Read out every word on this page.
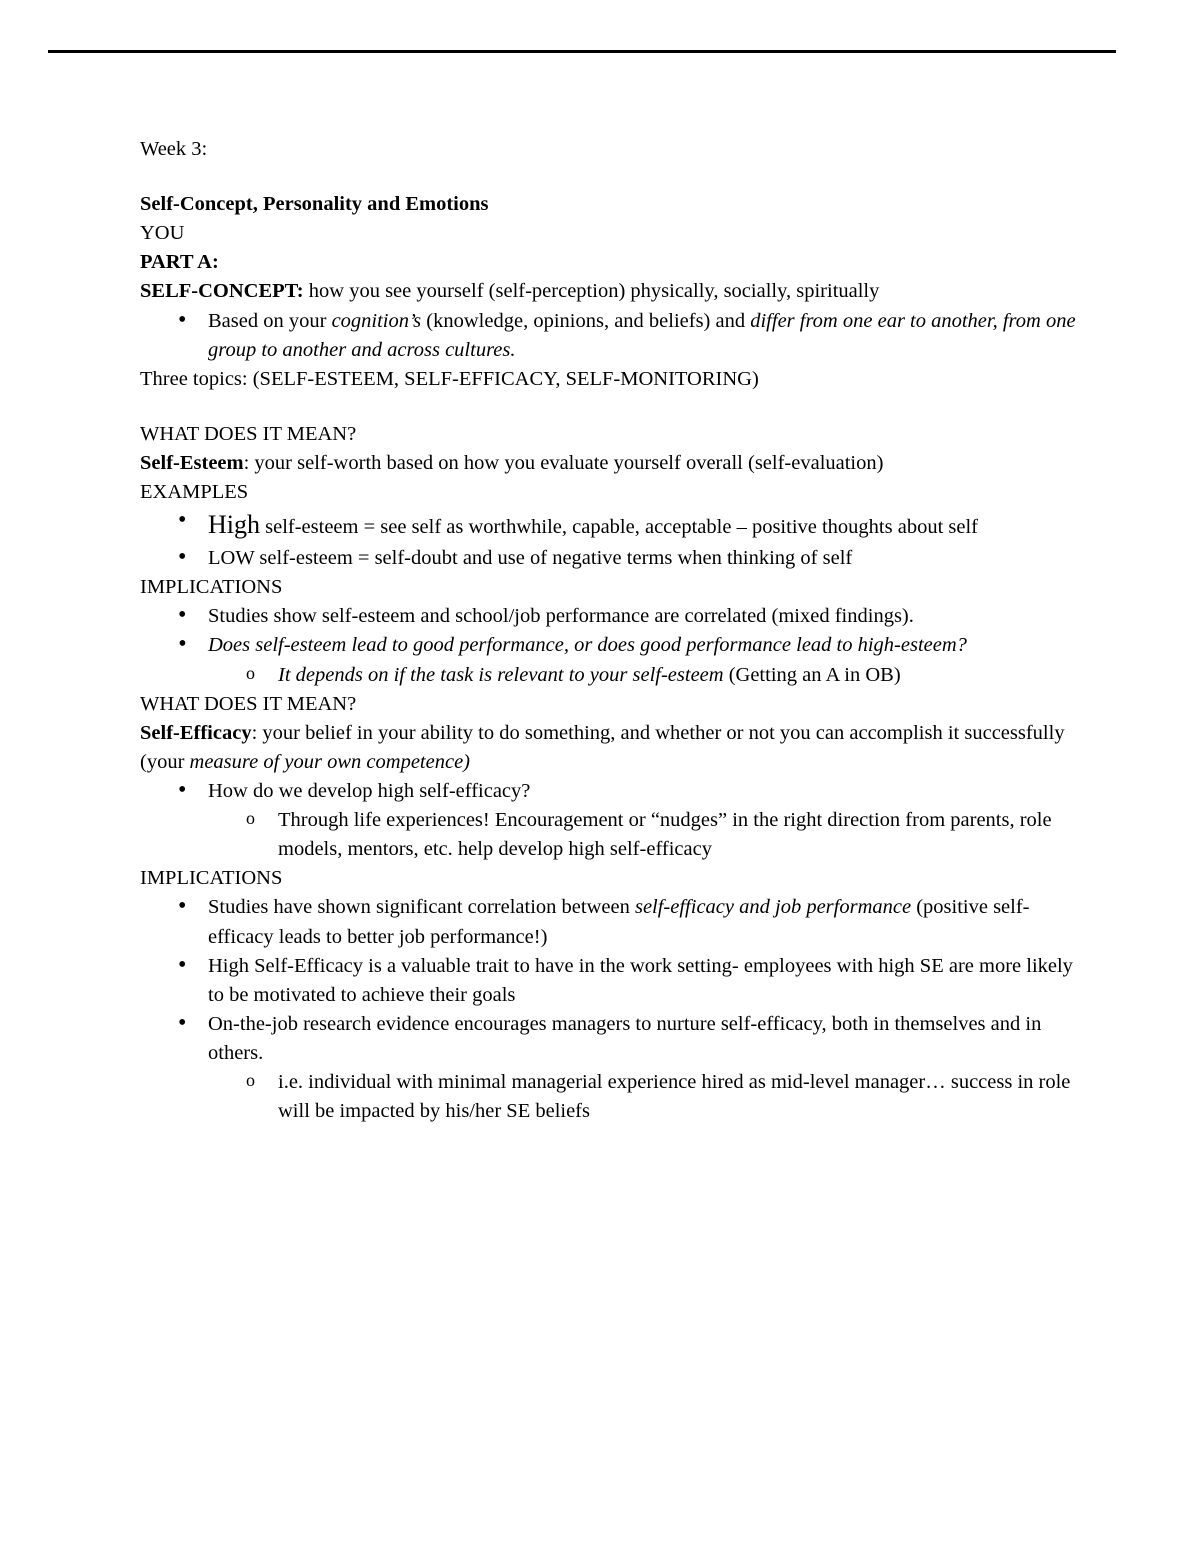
Week 3:

Self-Concept, Personality and Emotions

YOU

PART A:

SELF-CONCEPT: how you see yourself (self-perception) physically, socially, spiritually

• Based on your cognition’s (knowledge, opinions, and beliefs) and differ from one ear to another, from one group to another and across cultures.

Three topics: (SELF-ESTEEM, SELF-EFFICACY, SELF-MONITORING)

WHAT DOES IT MEAN?

Self-Esteem: your self-worth based on how you evaluate yourself overall (self-evaluation)

EXAMPLES

• High self-esteem = see self as worthwhile, capable, acceptable – positive thoughts about self
• LOW self-esteem = self-doubt and use of negative terms when thinking of self

IMPLICATIONS

• Studies show self-esteem and school/job performance are correlated (mixed findings).
• Does self-esteem lead to good performance, or does good performance lead to high-esteem?
o It depends on if the task is relevant to your self-esteem (Getting an A in OB)

WHAT DOES IT MEAN?

Self-Efficacy: your belief in your ability to do something, and whether or not you can accomplish it successfully (your measure of your own competence)

• How do we develop high self-efficacy?
o Through life experiences! Encouragement or “nudges” in the right direction from parents, role models, mentors, etc. help develop high self-efficacy

IMPLICATIONS

• Studies have shown significant correlation between self-efficacy and job performance (positive self-efficacy leads to better job performance!)
• High Self-Efficacy is a valuable trait to have in the work setting- employees with high SE are more likely to be motivated to achieve their goals
• On-the-job research evidence encourages managers to nurture self-efficacy, both in themselves and in others.
o i.e. individual with minimal managerial experience hired as mid-level manager… success in role will be impacted by his/her SE beliefs
